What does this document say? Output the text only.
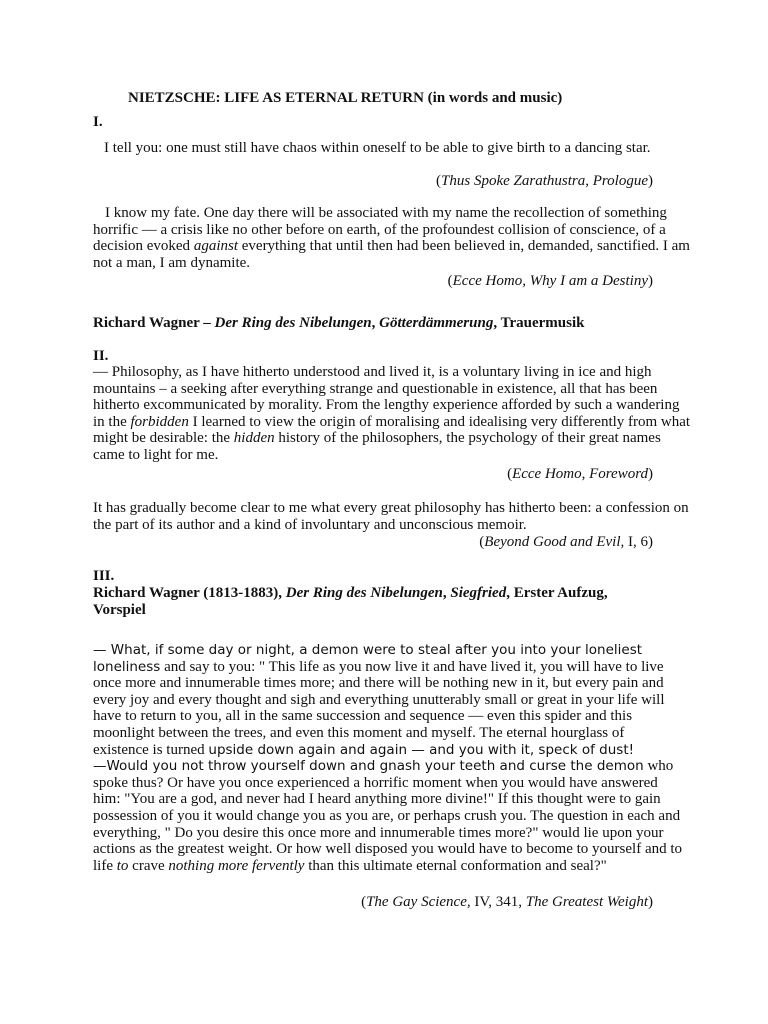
NIETZSCHE: LIFE AS ETERNAL RETURN (in words and music)
I.
I tell you: one must still have chaos within oneself to be able to give birth to a dancing star.
(Thus Spoke Zarathustra, Prologue)

I know my fate. One day there will be associated with my name the recollection of something horrific — a crisis like no other before on earth, of the profoundest collision of conscience, of a decision evoked against everything that until then had been believed in, demanded, sanctified. I am not a man, I am dynamite.

(Ecce Homo, Why I am a Destiny)
Richard Wagner – Der Ring des Nibelungen, Götterdämmerung, Trauermusik
II.

— Philosophy, as I have hitherto understood and lived it, is a voluntary living in ice and high mountains – a seeking after everything strange and questionable in existence, all that has been hitherto excommunicated by morality. From the lengthy experience afforded by such a wandering in the forbidden I learned to view the origin of moralising and idealising very differently from what might be desirable: the hidden history of the philosophers, the psychology of their great names came to light for me.

(Ecce Homo, Foreword)

It has gradually become clear to me what every great philosophy has hitherto been: a confession on the part of its author and a kind of involuntary and unconscious memoir.

(Beyond Good and Evil, I, 6)
III.
Richard Wagner (1813-1883), Der Ring des Nibelungen, Siegfried, Erster Aufzug, Vorspiel

— What, if some day or night, a demon were to steal after you into your loneliest loneliness and say to you: " This life as you now live it and have lived it, you will have to live once more and innumerable times more; and there will be nothing new in it, but every pain and every joy and every thought and sigh and everything unutterably small or great in your life will have to return to you, all in the same succession and sequence — even this spider and this moonlight between the trees, and even this moment and myself. The eternal hourglass of existence is turned upside down again and again — and you with it, speck of dust!
—Would you not throw yourself down and gnash your teeth and curse the demon who spoke thus? Or have you once experienced a horrific moment when you would have answered him: "You are a god, and never had I heard anything more divine!" If this thought were to gain possession of you it would change you as you are, or perhaps crush you. The question in each and everything, " Do you desire this once more and innumerable times more?" would lie upon your actions as the greatest weight. Or how well disposed you would have to become to yourself and to life to crave nothing more fervently than this ultimate eternal conformation and seal?"

(The Gay Science, IV, 341, The Greatest Weight)
